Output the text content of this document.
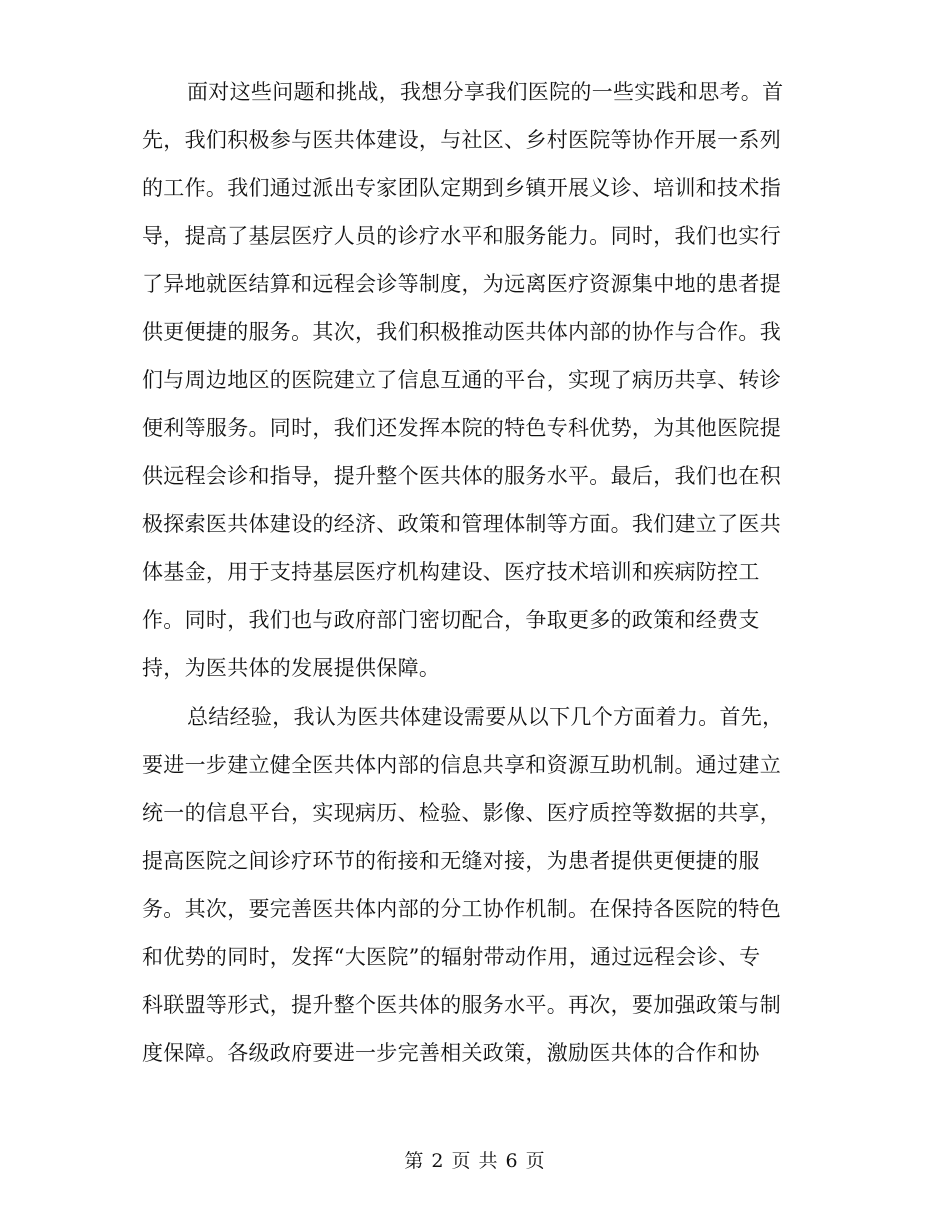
面对这些问题和挑战，我想分享我们医院的一些实践和思考。首
先，我们积极参与医共体建设，与社区、乡村医院等协作开展一系列
的工作。我们通过派出专家团队定期到乡镇开展义诊、培训和技术指
导，提高了基层医疗人员的诊疗水平和服务能力。同时，我们也实行
了异地就医结算和远程会诊等制度，为远离医疗资源集中地的患者提
供更便捷的服务。其次，我们积极推动医共体内部的协作与合作。我
们与周边地区的医院建立了信息互通的平台，实现了病历共享、转诊
便利等服务。同时，我们还发挥本院的特色专科优势，为其他医院提
供远程会诊和指导，提升整个医共体的服务水平。最后，我们也在积
极探索医共体建设的经济、政策和管理体制等方面。我们建立了医共
体基金，用于支持基层医疗机构建设、医疗技术培训和疾病防控工
作。同时，我们也与政府部门密切配合，争取更多的政策和经费支
持，为医共体的发展提供保障。
总结经验，我认为医共体建设需要从以下几个方面着力。首先，
要进一步建立健全医共体内部的信息共享和资源互助机制。通过建立
统一的信息平台，实现病历、检验、影像、医疗质控等数据的共享，
提高医院之间诊疗环节的衔接和无缝对接，为患者提供更便捷的服
务。其次，要完善医共体内部的分工协作机制。在保持各医院的特色
和优势的同时，发挥“大医院”的辐射带动作用，通过远程会诊、专
科联盟等形式，提升整个医共体的服务水平。再次，要加强政策与制
度保障。各级政府要进一步完善相关政策，激励医共体的合作和协
第 2 页 共 6 页
